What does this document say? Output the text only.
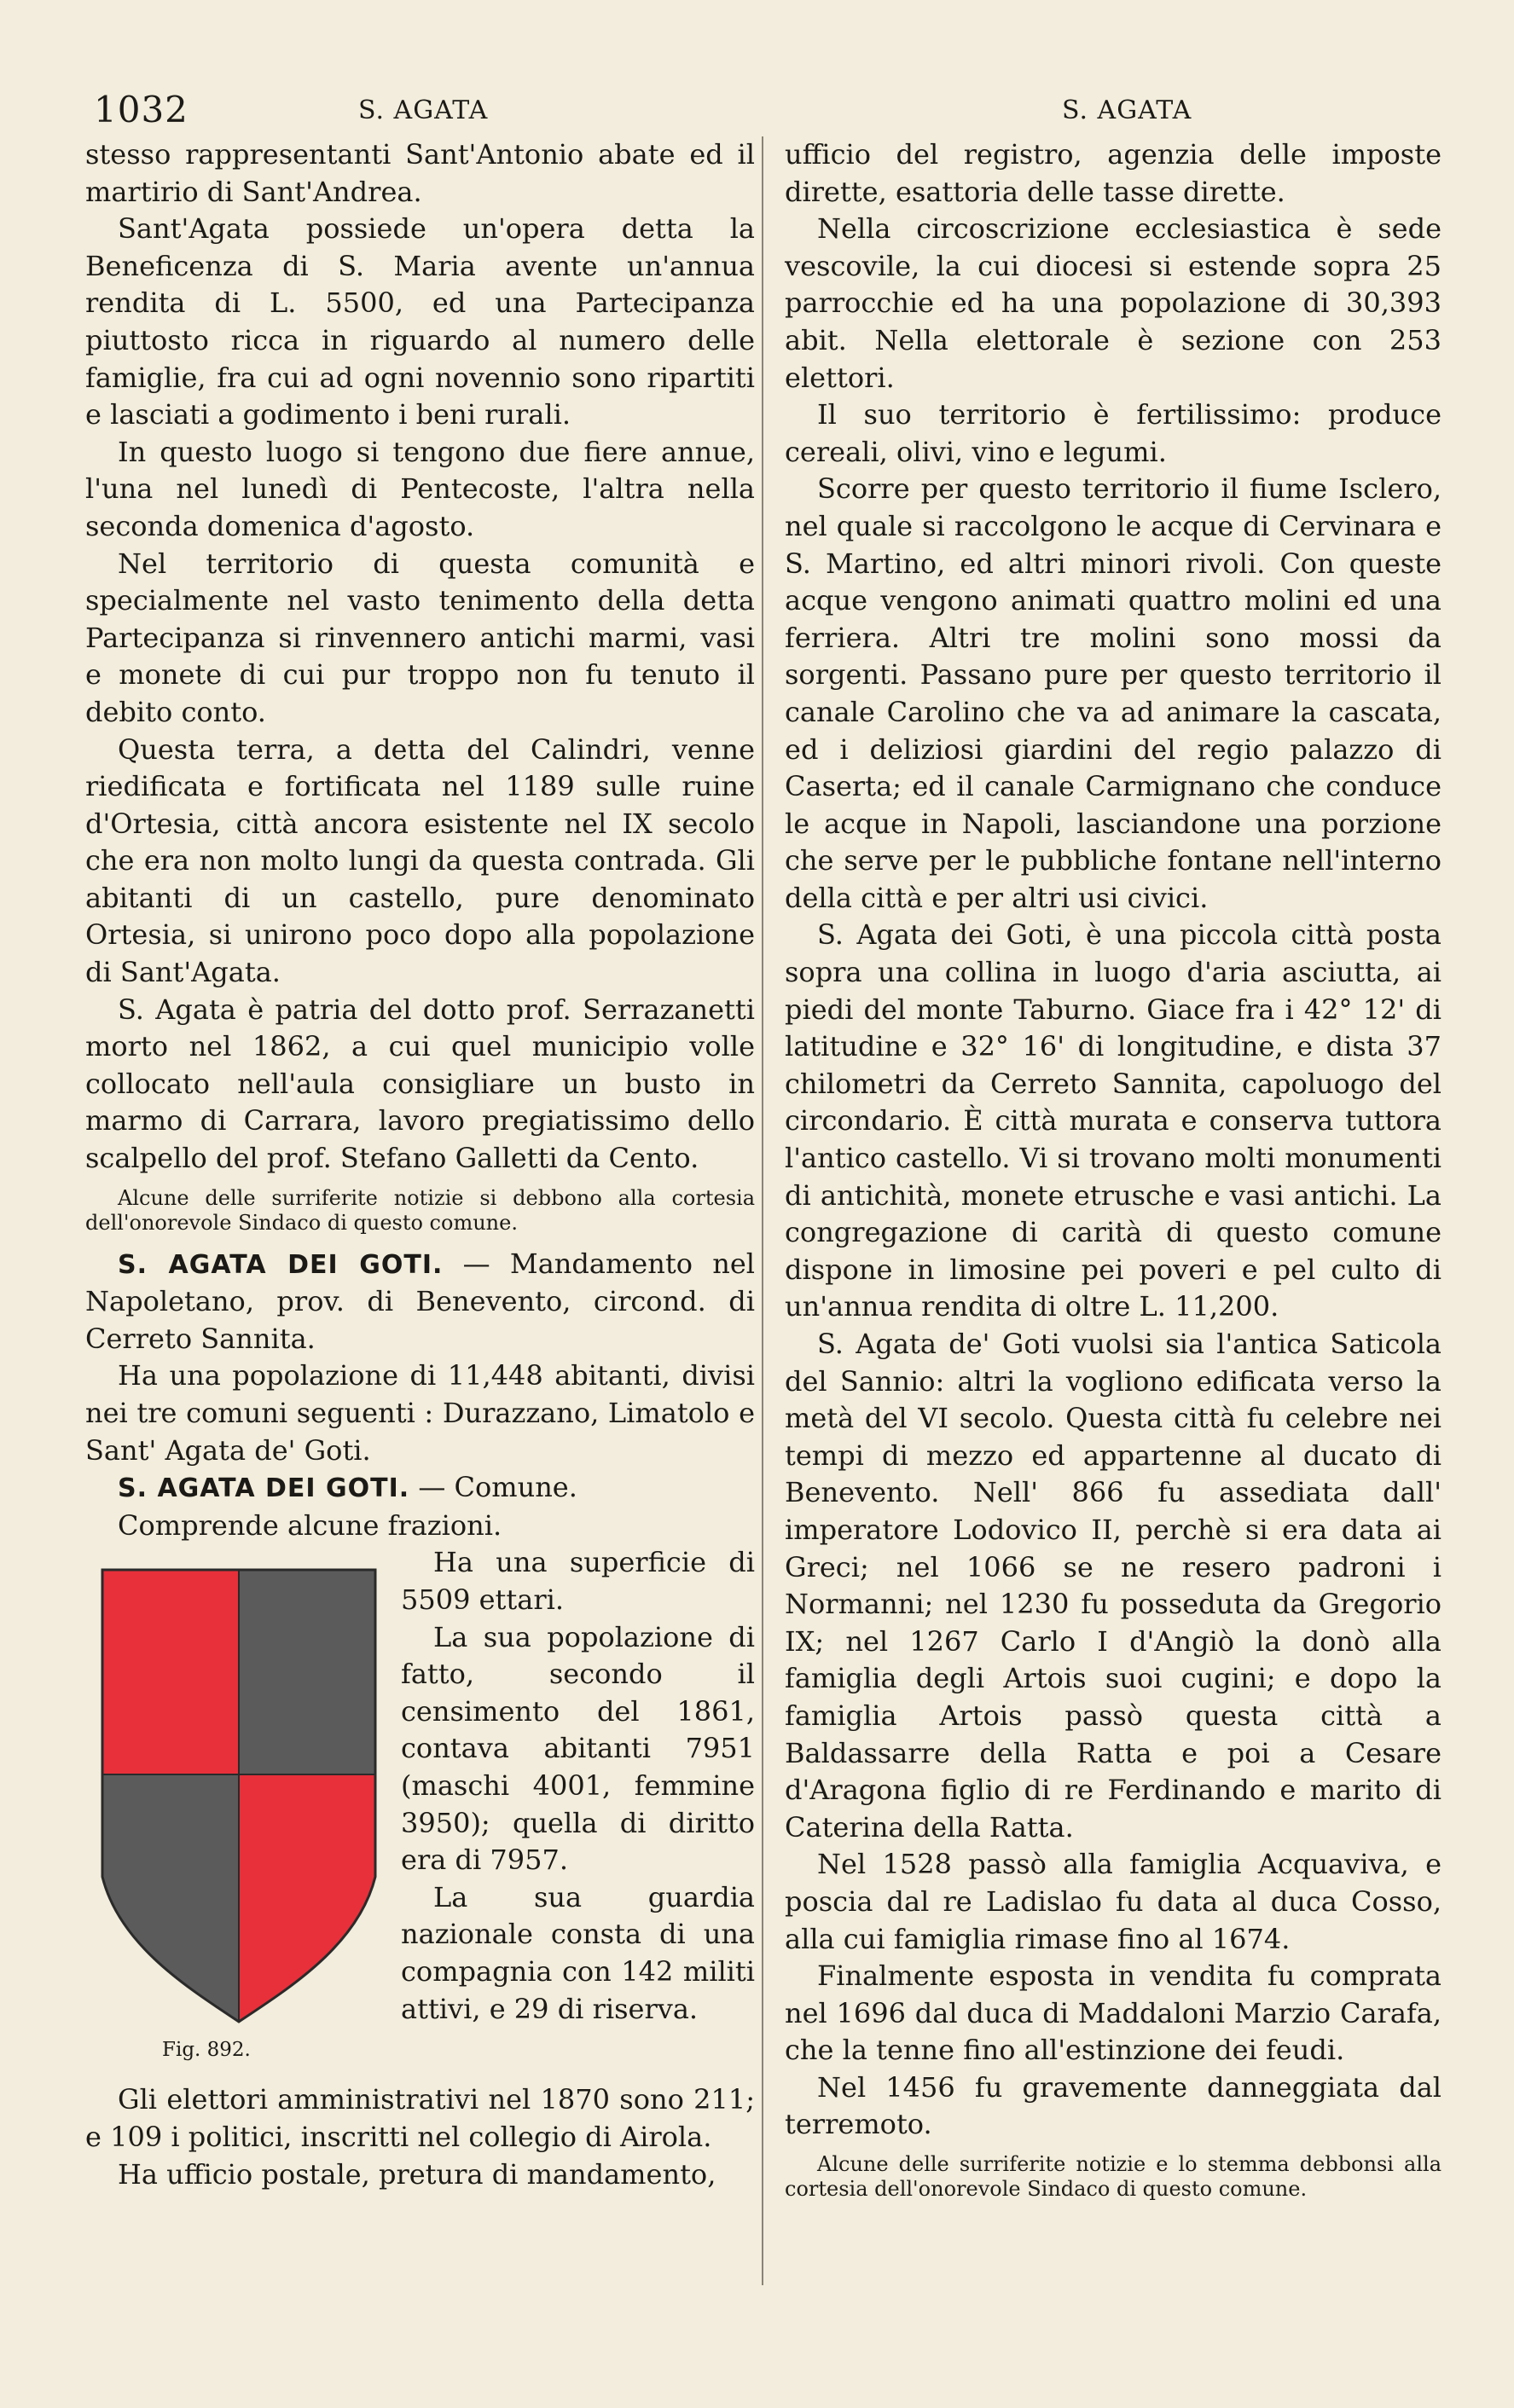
1032	S. AGATA	S. AGATA

stesso rappresentanti Sant'Antonio abate ed il martirio di Sant'Andrea.

Sant'Agata possiede un'opera detta la Beneficenza di S. Maria avente un'annua rendita di L. 5500, ed una Partecipanza piuttosto ricca in riguardo al numero delle famiglie, fra cui ad ogni novennio sono ripartiti e lasciati a godimento i beni rurali.

In questo luogo si tengono due fiere annue, l'una nel lunedì di Pentecoste, l'altra nella seconda domenica d'agosto.

Nel territorio di questa comunità e specialmente nel vasto tenimento della detta Partecipanza si rinvennero antichi marmi, vasi e monete di cui pur troppo non fu tenuto il debito conto.

Questa terra, a detta del Calindri, venne riedificata e fortificata nel 1189 sulle ruine d'Ortesia, città ancora esistente nel IX secolo che era non molto lungi da questa contrada. Gli abitanti di un castello, pure denominato Ortesia, si unirono poco dopo alla popolazione di Sant'Agata.

S. Agata è patria del dotto prof. Serrazanetti morto nel 1862, a cui quel municipio volle collocato nell'aula consigliare un busto in marmo di Carrara, lavoro pregiatissimo dello scalpello del prof. Stefano Galletti da Cento.

Alcune delle surriferite notizie si debbono alla cortesia dell'onorevole Sindaco di questo comune.

S. AGATA DEI GOTI. — Mandamento nel Napoletano, prov. di Benevento, circond. di Cerreto Sannita.

Ha una popolazione di 11,448 abitanti, divisi nei tre comuni seguenti : Durazzano, Limatolo e Sant' Agata de' Goti.

S. AGATA DEI GOTI. — Comune.

Comprende alcune frazioni.

Fig. 892.

Ha una superficie di 5509 ettari.

La sua popolazione di fatto, secondo il censimento del 1861, contava abitanti 7951 (maschi 4001, femmine 3950); quella di diritto era di 7957.

La sua guardia nazionale consta di una compagnia con 142 militi attivi, e 29 di riserva.

Gli elettori amministrativi nel 1870 sono 211; e 109 i politici, inscritti nel collegio di Airola.

Ha ufficio postale, pretura di mandamento,

ufficio del registro, agenzia delle imposte dirette, esattoria delle tasse dirette.

Nella circoscrizione ecclesiastica è sede vescovile, la cui diocesi si estende sopra 25 parrocchie ed ha una popolazione di 30,393 abit. Nella elettorale è sezione con 253 elettori.

Il suo territorio è fertilissimo: produce cereali, olivi, vino e legumi.

Scorre per questo territorio il fiume Isclero, nel quale si raccolgono le acque di Cervinara e S. Martino, ed altri minori rivoli. Con queste acque vengono animati quattro molini ed una ferriera. Altri tre molini sono mossi da sorgenti. Passano pure per questo territorio il canale Carolino che va ad animare la cascata, ed i deliziosi giardini del regio palazzo di Caserta; ed il canale Carmignano che conduce le acque in Napoli, lasciandone una porzione che serve per le pubbliche fontane nell'interno della città e per altri usi civici.

S. Agata dei Goti, è una piccola città posta sopra una collina in luogo d'aria asciutta, ai piedi del monte Taburno. Giace fra i 42° 12' di latitudine e 32° 16' di longitudine, e dista 37 chilometri da Cerreto Sannita, capoluogo del circondario. È città murata e conserva tuttora l'antico castello. Vi si trovano molti monumenti di antichità, monete etrusche e vasi antichi. La congregazione di carità di questo comune dispone in limosine pei poveri e pel culto di un'annua rendita di oltre L. 11,200.

S. Agata de' Goti vuolsi sia l'antica Saticola del Sannio: altri la vogliono edificata verso la metà del VI secolo. Questa città fu celebre nei tempi di mezzo ed appartenne al ducato di Benevento. Nell' 866 fu assediata dall' imperatore Lodovico II, perchè si era data ai Greci; nel 1066 se ne resero padroni i Normanni; nel 1230 fu posseduta da Gregorio IX; nel 1267 Carlo I d'Angiò la donò alla famiglia degli Artois suoi cugini; e dopo la famiglia Artois passò questa città a Baldassarre della Ratta e poi a Cesare d'Aragona figlio di re Ferdinando e marito di Caterina della Ratta.

Nel 1528 passò alla famiglia Acquaviva, e poscia dal re Ladislao fu data al duca Cosso, alla cui famiglia rimase fino al 1674.

Finalmente esposta in vendita fu comprata nel 1696 dal duca di Maddaloni Marzio Carafa, che la tenne fino all'estinzione dei feudi.

Nel 1456 fu gravemente danneggiata dal terremoto.

Alcune delle surriferite notizie e lo stemma debbonsi alla cortesia dell'onorevole Sindaco di questo comune.
